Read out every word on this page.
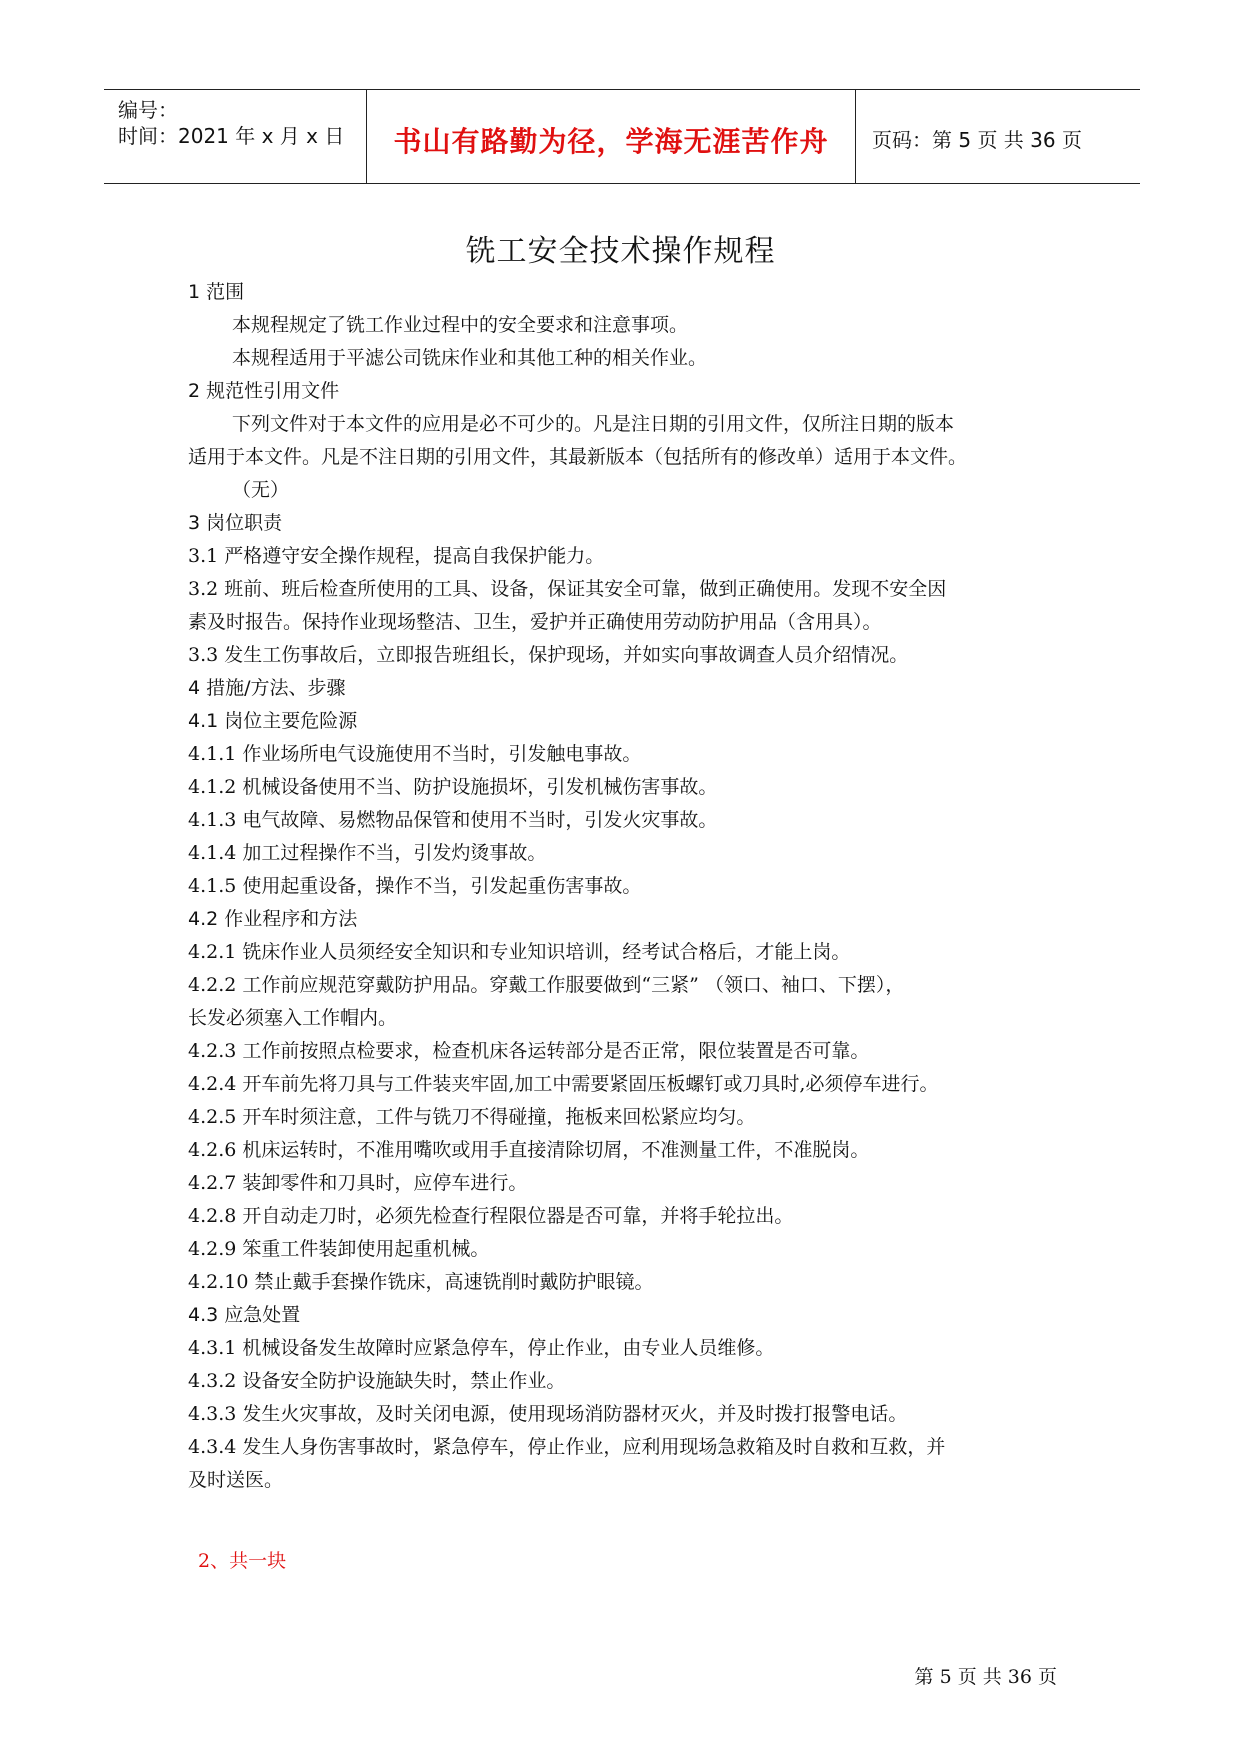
编号：
时间：2021 年 x 月 x 日	书山有路勤为径，学海无涯苦作舟	页码：第 5 页 共 36 页
铣工安全技术操作规程
1 范围
本规程规定了铣工作业过程中的安全要求和注意事项。
本规程适用于平滤公司铣床作业和其他工种的相关作业。
2 规范性引用文件
下列文件对于本文件的应用是必不可少的。凡是注日期的引用文件，仅所注日期的版本
适用于本文件。凡是不注日期的引用文件，其最新版本（包括所有的修改单）适用于本文件。
（无）
3 岗位职责
3.1 严格遵守安全操作规程，提高自我保护能力。
3.2 班前、班后检查所使用的工具、设备，保证其安全可靠，做到正确使用。发现不安全因
素及时报告。保持作业现场整洁、卫生，爱护并正确使用劳动防护用品（含用具）。
3.3 发生工伤事故后，立即报告班组长，保护现场，并如实向事故调查人员介绍情况。
4 措施/方法、步骤
4.1 岗位主要危险源
4.1.1 作业场所电气设施使用不当时，引发触电事故。
4.1.2 机械设备使用不当、防护设施损坏，引发机械伤害事故。
4.1.3 电气故障、易燃物品保管和使用不当时，引发火灾事故。
4.1.4 加工过程操作不当，引发灼烫事故。
4.1.5 使用起重设备，操作不当，引发起重伤害事故。
4.2 作业程序和方法
4.2.1 铣床作业人员须经安全知识和专业知识培训，经考试合格后，才能上岗。
4.2.2 工作前应规范穿戴防护用品。穿戴工作服要做到“三紧” （领口、袖口、下摆），
长发必须塞入工作帽内。
4.2.3 工作前按照点检要求，检查机床各运转部分是否正常，限位装置是否可靠。
4.2.4 开车前先将刀具与工件装夹牢固,加工中需要紧固压板螺钉或刀具时,必须停车进行。
4.2.5 开车时须注意，工件与铣刀不得碰撞，拖板来回松紧应均匀。
4.2.6 机床运转时，不准用嘴吹或用手直接清除切屑，不准测量工件，不准脱岗。
4.2.7 装卸零件和刀具时，应停车进行。
4.2.8 开自动走刀时，必须先检查行程限位器是否可靠，并将手轮拉出。
4.2.9 笨重工件装卸使用起重机械。
4.2.10 禁止戴手套操作铣床，高速铣削时戴防护眼镜。
4.3 应急处置
4.3.1 机械设备发生故障时应紧急停车，停止作业，由专业人员维修。
4.3.2 设备安全防护设施缺失时，禁止作业。
4.3.3 发生火灾事故，及时关闭电源，使用现场消防器材灭火，并及时拨打报警电话。
4.3.4 发生人身伤害事故时，紧急停车，停止作业，应利用现场急救箱及时自救和互救，并
及时送医。
2、共一块
第 5 页 共 36 页
